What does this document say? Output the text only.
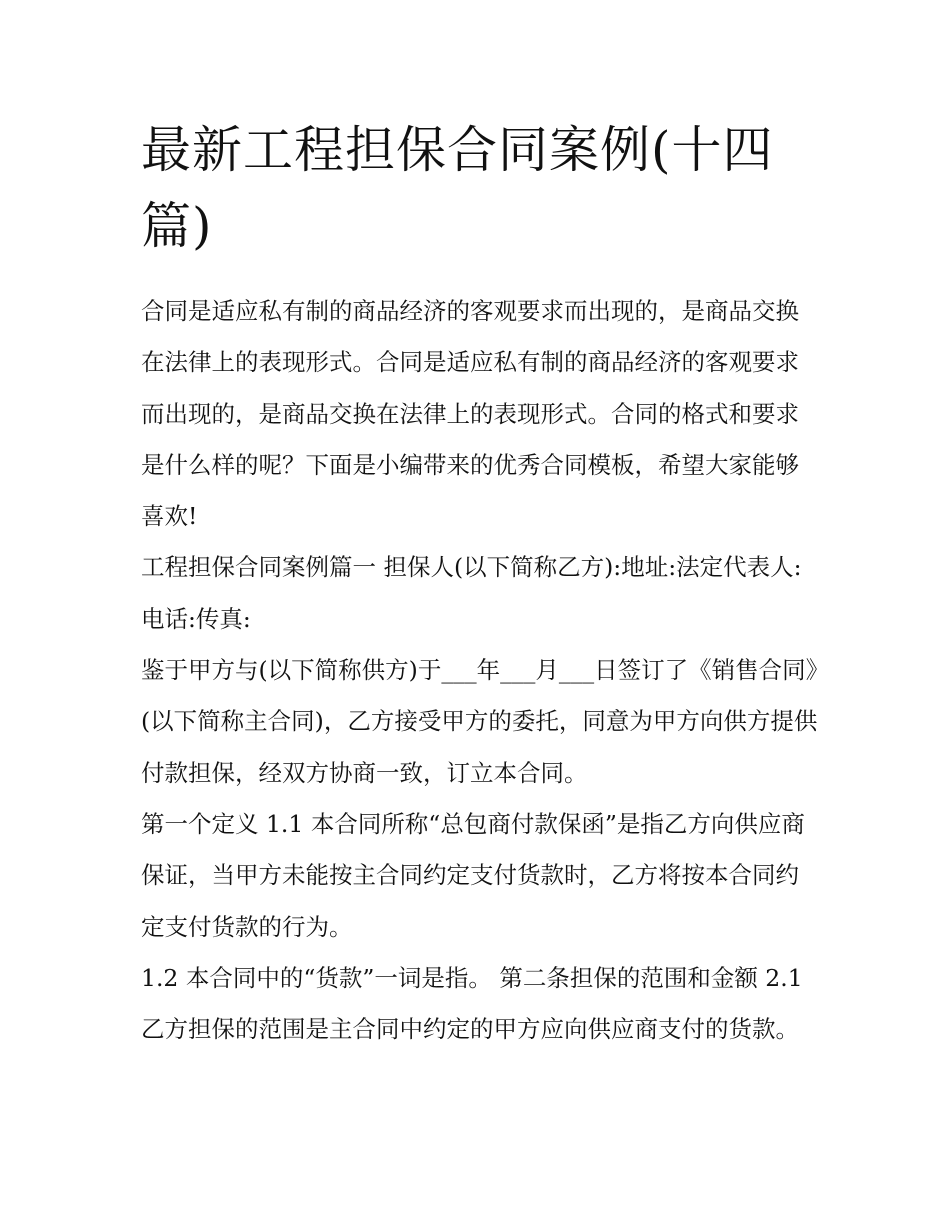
最新工程担保合同案例(十四篇)

合同是适应私有制的商品经济的客观要求而出现的，是商品交换在法律上的表现形式。合同是适应私有制的商品经济的客观要求而出现的，是商品交换在法律上的表现形式。合同的格式和要求是什么样的呢？下面是小编带来的优秀合同模板，希望大家能够喜欢!

工程担保合同案例篇一 担保人(以下简称乙方):地址:法定代表人:电话:传真:

鉴于甲方与(以下简称供方)于___年___月___日签订了《销售合同》(以下简称主合同)，乙方接受甲方的委托，同意为甲方向供方提供付款担保，经双方协商一致，订立本合同。

第一个定义 1.1 本合同所称“总包商付款保函”是指乙方向供应商保证，当甲方未能按主合同约定支付货款时，乙方将按本合同约定支付货款的行为。

1.2 本合同中的“货款”一词是指。 第二条担保的范围和金额 2.1 乙方担保的范围是主合同中约定的甲方应向供应商支付的货款。
